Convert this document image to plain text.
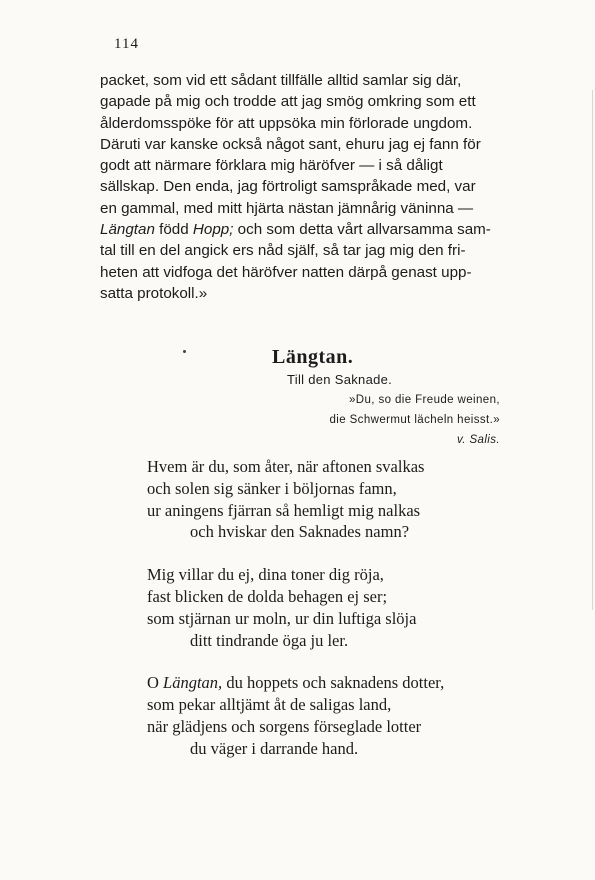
114
packet, som vid ett sådant tillfälle alltid samlar sig där,
gapade på mig och trodde att jag smög omkring som ett
ålderdomsspöke för att uppsöka min förlorade ungdom.
Däruti var kanske också något sant, ehuru jag ej fann för
godt att närmare förklara mig häröfver — i så dåligt
sällskap. Den enda, jag förtroligt samspråkade med, var
en gammal, med mitt hjärta nästan jämnårig väninna —
Längtan född Hopp; och som detta vårt allvarsamma sam-
tal till en del angick ers nåd själf, så tar jag mig den fri-
heten att vidfoga det häröfver natten därpå genast upp-
satta protokoll.»
Längtan.
Till den Saknade.
»Du, so die Freude weinen,
die Schwermut lächeln heisst.»
v. Salis.
Hvem är du, som åter, när aftonen svalkas
och solen sig sänker i böljornas famn,
ur aningens fjärran så hemligt mig nalkas
och hviskar den Saknades namn?
Mig villar du ej, dina toner dig röja,
fast blicken de dolda behagen ej ser;
som stjärnan ur moln, ur din luftiga slöja
ditt tindrande öga ju ler.
O Längtan, du hoppets och saknadens dotter,
som pekar alltjämt åt de saligas land,
när glädjens och sorgens förseglade lotter
du väger i darrande hand.
